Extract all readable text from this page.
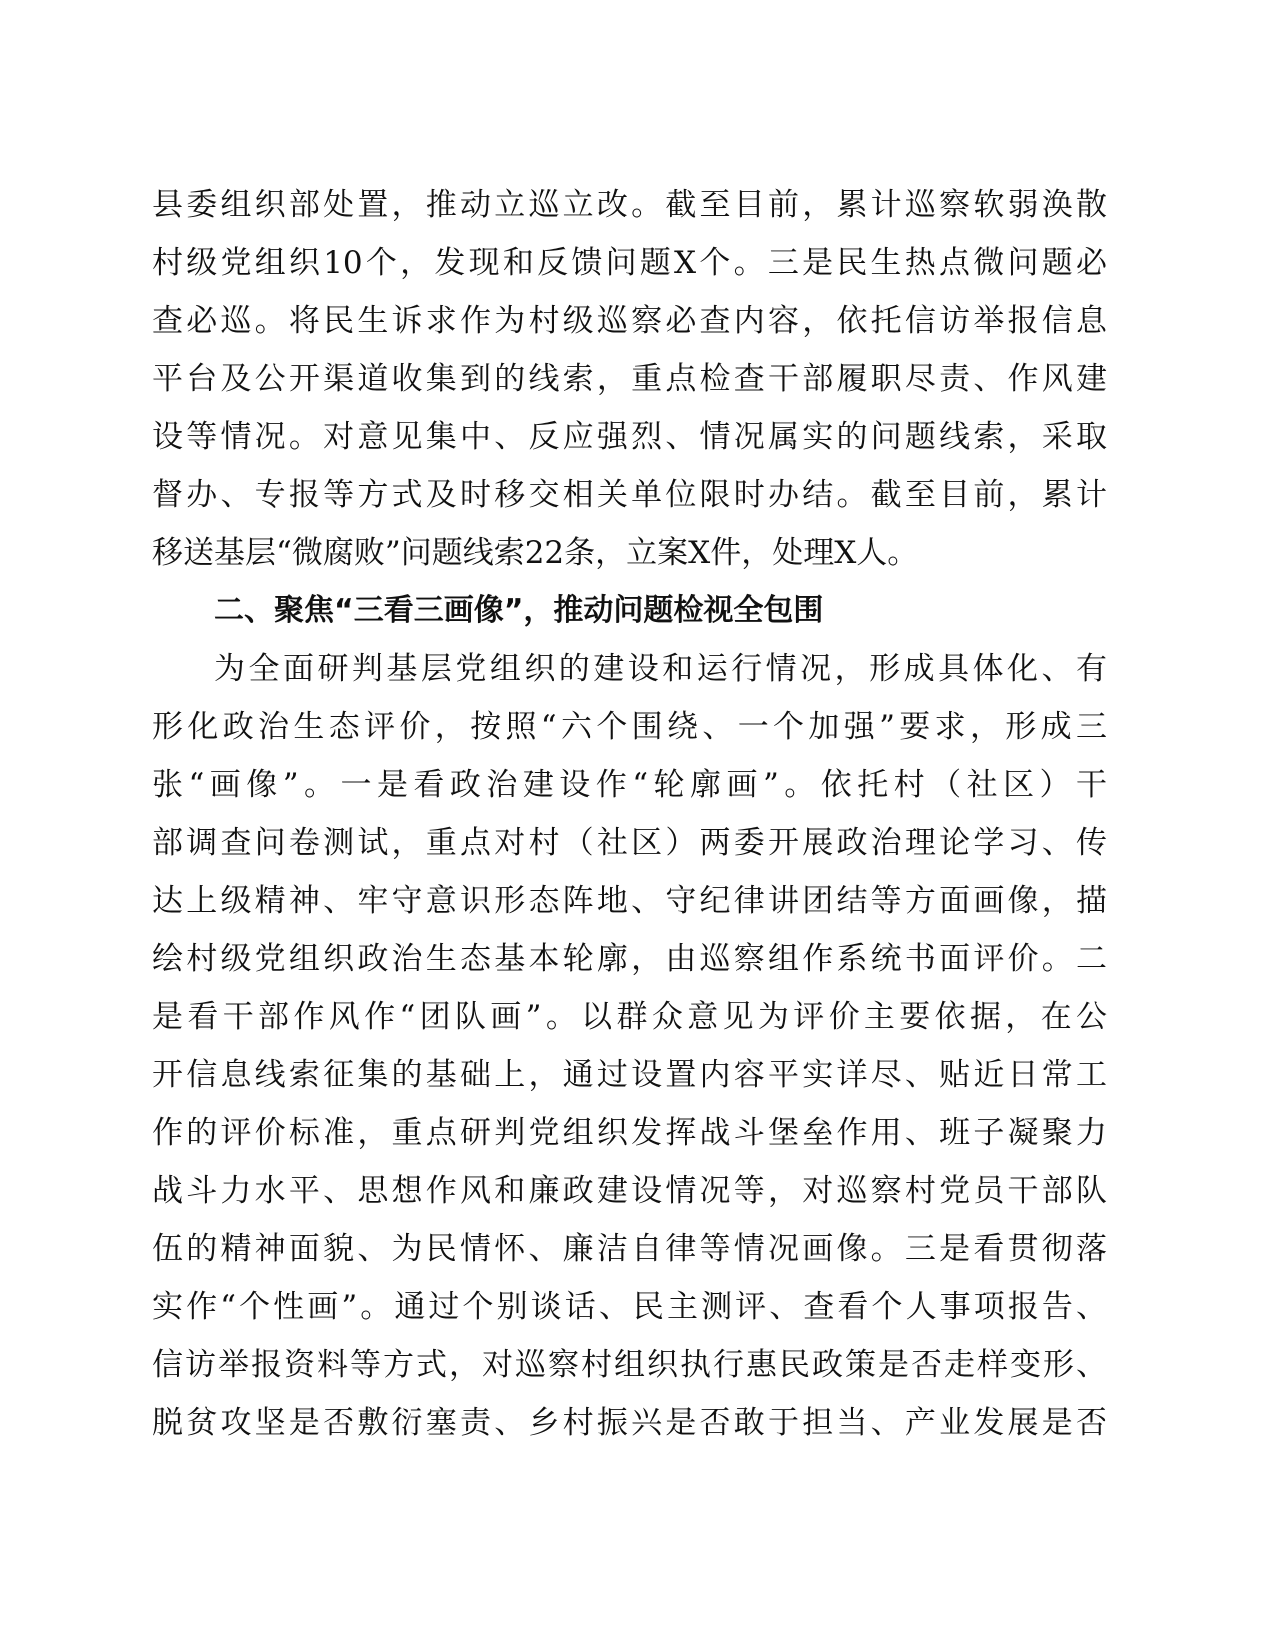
县委组织部处置，推动立巡立改。截至目前，累计巡察软弱涣散
村级党组织10个，发现和反馈问题X个。三是民生热点微问题必
查必巡。将民生诉求作为村级巡察必查内容，依托信访举报信息
平台及公开渠道收集到的线索，重点检查干部履职尽责、作风建
设等情况。对意见集中、反应强烈、情况属实的问题线索，采取
督办、专报等方式及时移交相关单位限时办结。截至目前，累计
移送基层“微腐败”问题线索22条，立案X件，处理X人。
二、聚焦“三看三画像”，推动问题检视全包围
为全面研判基层党组织的建设和运行情况，形成具体化、有
形化政治生态评价，按照“六个围绕、一个加强”要求，形成三
张“画像”。一是看政治建设作“轮廓画”。依托村（社区）干
部调查问卷测试，重点对村（社区）两委开展政治理论学习、传
达上级精神、牢守意识形态阵地、守纪律讲团结等方面画像，描
绘村级党组织政治生态基本轮廓，由巡察组作系统书面评价。二
是看干部作风作“团队画”。以群众意见为评价主要依据，在公
开信息线索征集的基础上，通过设置内容平实详尽、贴近日常工
作的评价标准，重点研判党组织发挥战斗堡垒作用、班子凝聚力
战斗力水平、思想作风和廉政建设情况等，对巡察村党员干部队
伍的精神面貌、为民情怀、廉洁自律等情况画像。三是看贯彻落
实作“个性画”。通过个别谈话、民主测评、查看个人事项报告、
信访举报资料等方式，对巡察村组织执行惠民政策是否走样变形、
脱贫攻坚是否敷衍塞责、乡村振兴是否敢于担当、产业发展是否
